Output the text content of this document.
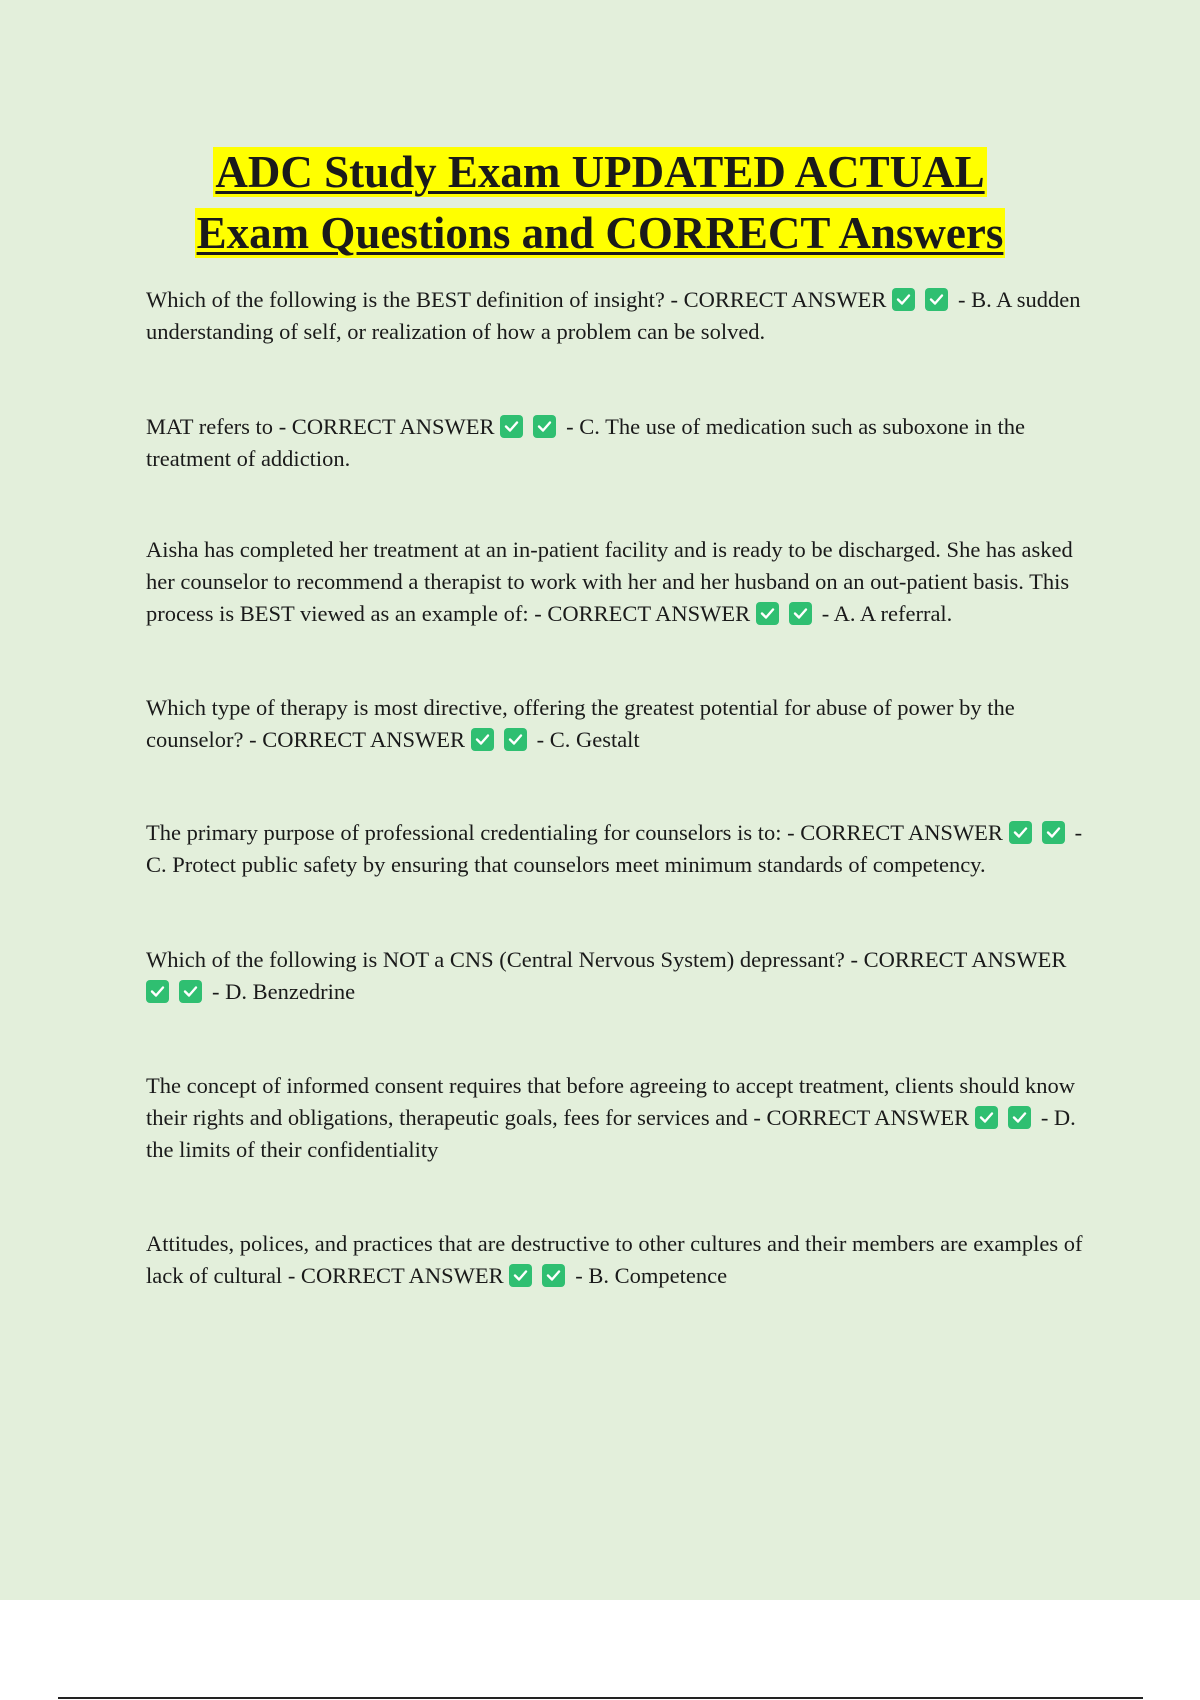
ADC Study Exam UPDATED ACTUAL
Exam Questions and CORRECT Answers

Which of the following is the BEST definition of insight? - CORRECT ANSWER	- B. A sudden understanding of self, or realization of how a problem can be solved.

MAT refers to - CORRECT ANSWER	- C. The use of medication such as suboxone in the treatment of addiction.

Aisha has completed her treatment at an in-patient facility and is ready to be discharged. She has asked her counselor to recommend a therapist to work with her and her husband on an out-patient basis. This process is BEST viewed as an example of: - CORRECT ANSWER	- A. A referral.

Which type of therapy is most directive, offering the greatest potential for abuse of power by the counselor? - CORRECT ANSWER	- C. Gestalt

The primary purpose of professional credentialing for counselors is to: - CORRECT ANSWER	- C. Protect public safety by ensuring that counselors meet minimum standards of competency.

Which of the following is NOT a CNS (Central Nervous System) depressant? - CORRECT ANSWER
- D. Benzedrine

The concept of informed consent requires that before agreeing to accept treatment, clients should know their rights and obligations, therapeutic goals, fees for services and - CORRECT ANSWER	- D. the limits of their confidentiality

Attitudes, polices, and practices that are destructive to other cultures and their members are examples of lack of cultural - CORRECT ANSWER	- B. Competence
